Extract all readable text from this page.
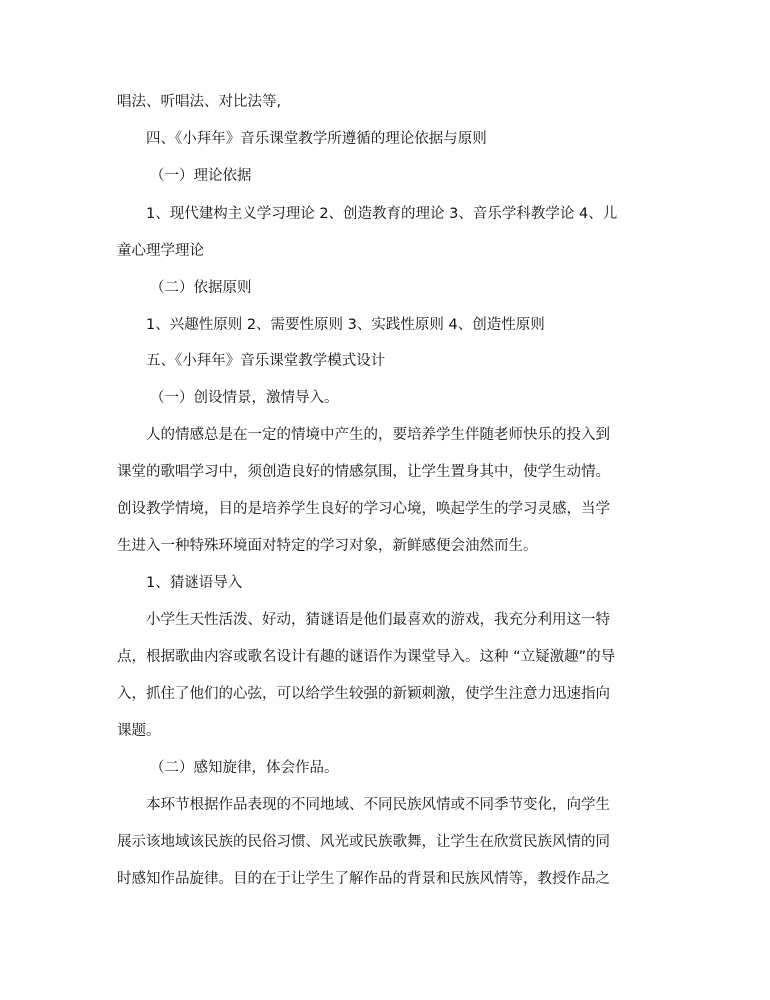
唱法、听唱法、对比法等,
四、《小拜年》音乐课堂教学所遵循的理论依据与原则
（一）理论依据
1、现代建构主义学习理论 2、创造教育的理论 3、音乐学科教学论 4、儿
童心理学理论
（二）依据原则
1、兴趣性原则 2、需要性原则 3、实践性原则 4、创造性原则
五、《小拜年》音乐课堂教学模式设计
（一）创设情景，激情导入。
人的情感总是在一定的情境中产生的，要培养学生伴随老师快乐的投入到
课堂的歌唱学习中，须创造良好的情感氛围，让学生置身其中，使学生动情。
创设教学情境，目的是培养学生良好的学习心境，唤起学生的学习灵感，当学
生进入一种特殊环境面对特定的学习对象，新鲜感便会油然而生。
1、猜谜语导入
小学生天性活泼、好动，猜谜语是他们最喜欢的游戏，我充分利用这一特
点，根据歌曲内容或歌名设计有趣的谜语作为课堂导入。这种 “立疑激趣”的导
入，抓住了他们的心弦，可以给学生较强的新颖刺激，使学生注意力迅速指向
课题。
（二）感知旋律，体会作品。
本环节根据作品表现的不同地域、不同民族风情或不同季节变化，向学生
展示该地域该民族的民俗习惯、风光或民族歌舞，让学生在欣赏民族风情的同
时感知作品旋律。目的在于让学生了解作品的背景和民族风情等，教授作品之
